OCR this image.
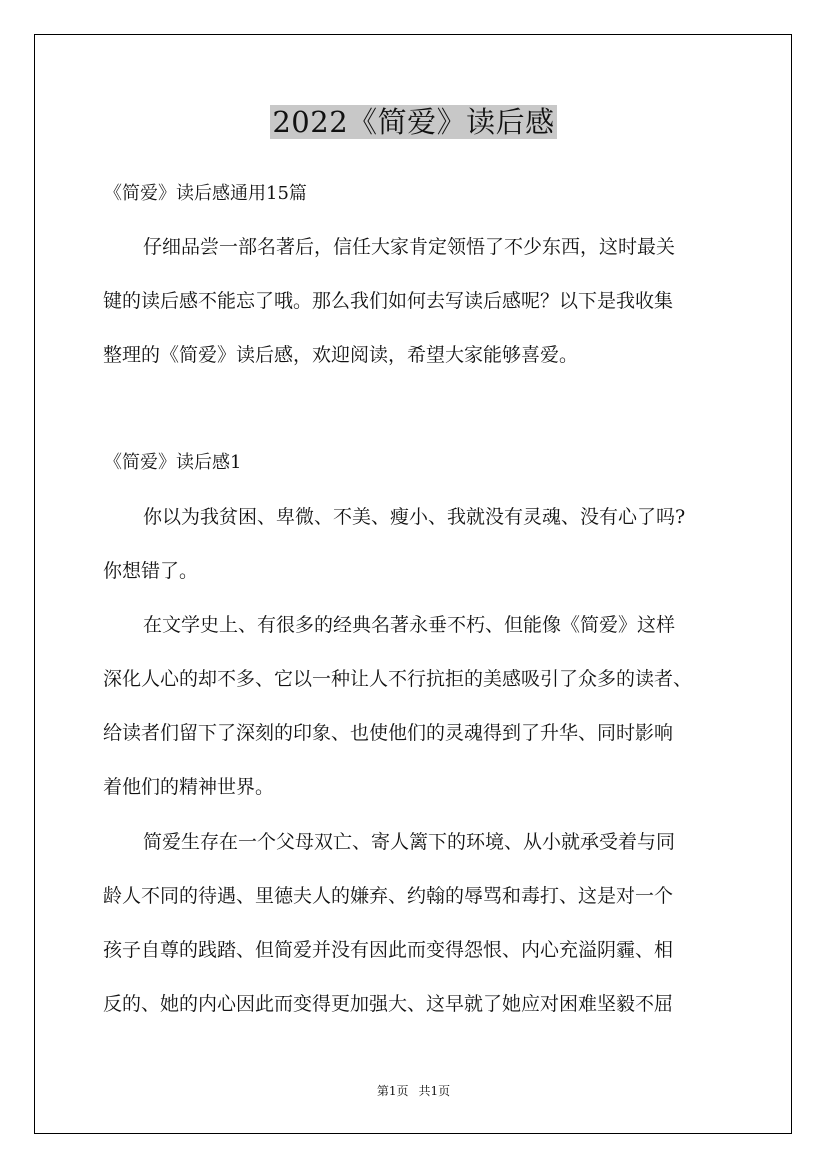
2022《简爱》读后感
《简爱》读后感通用15篇

仔细品尝一部名著后，信任大家肯定领悟了不少东西，这时最关

键的读后感不能忘了哦。那么我们如何去写读后感呢？以下是我收集

整理的《简爱》读后感，欢迎阅读，希望大家能够喜爱。

《简爱》读后感1

你以为我贫困、卑微、不美、瘦小、我就没有灵魂、没有心了吗?

你想错了。

在文学史上、有很多的经典名著永垂不朽、但能像《简爱》这样

深化人心的却不多、它以一种让人不行抗拒的美感吸引了众多的读者、

给读者们留下了深刻的印象、也使他们的灵魂得到了升华、同时影响

着他们的精神世界。

简爱生存在一个父母双亡、寄人篱下的环境、从小就承受着与同

龄人不同的待遇、里德夫人的嫌弃、约翰的辱骂和毒打、这是对一个

孩子自尊的践踏、但简爱并没有因此而变得怨恨、内心充溢阴霾、相

反的、她的内心因此而变得更加强大、这早就了她应对困难坚毅不屈

第1页 共1页
